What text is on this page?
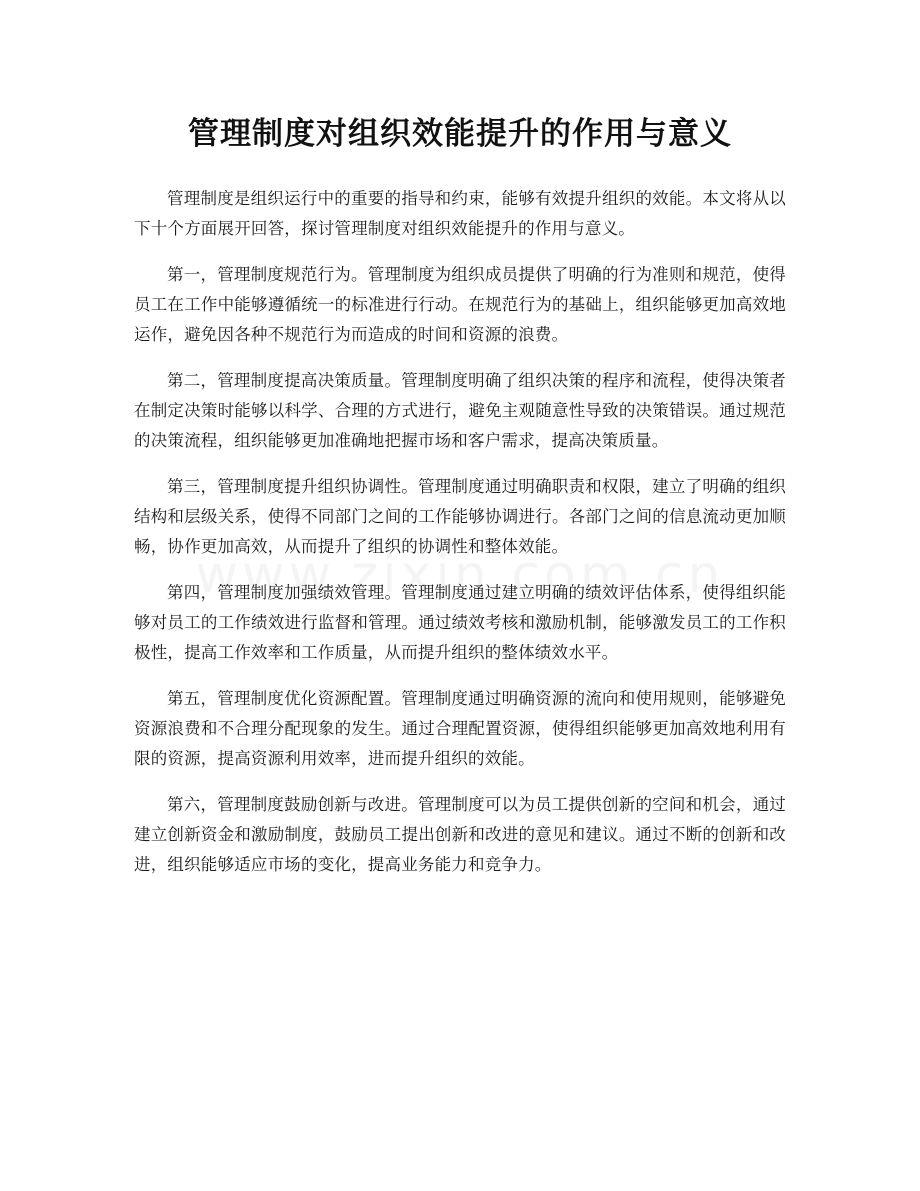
管理制度对组织效能提升的作用与意义

管理制度是组织运行中的重要的指导和约束，能够有效提升组织的效能。本文将从以下十个方面展开回答，探讨管理制度对组织效能提升的作用与意义。

第一，管理制度规范行为。管理制度为组织成员提供了明确的行为准则和规范，使得员工在工作中能够遵循统一的标准进行行动。在规范行为的基础上，组织能够更加高效地运作，避免因各种不规范行为而造成的时间和资源的浪费。

第二，管理制度提高决策质量。管理制度明确了组织决策的程序和流程，使得决策者在制定决策时能够以科学、合理的方式进行，避免主观随意性导致的决策错误。通过规范的决策流程，组织能够更加准确地把握市场和客户需求，提高决策质量。

第三，管理制度提升组织协调性。管理制度通过明确职责和权限，建立了明确的组织结构和层级关系，使得不同部门之间的工作能够协调进行。各部门之间的信息流动更加顺畅，协作更加高效，从而提升了组织的协调性和整体效能。

第四，管理制度加强绩效管理。管理制度通过建立明确的绩效评估体系，使得组织能够对员工的工作绩效进行监督和管理。通过绩效考核和激励机制，能够激发员工的工作积极性，提高工作效率和工作质量，从而提升组织的整体绩效水平。

第五，管理制度优化资源配置。管理制度通过明确资源的流向和使用规则，能够避免资源浪费和不合理分配现象的发生。通过合理配置资源，使得组织能够更加高效地利用有限的资源，提高资源利用效率，进而提升组织的效能。

第六，管理制度鼓励创新与改进。管理制度可以为员工提供创新的空间和机会，通过建立创新资金和激励制度，鼓励员工提出创新和改进的意见和建议。通过不断的创新和改进，组织能够适应市场的变化，提高业务能力和竞争力。
